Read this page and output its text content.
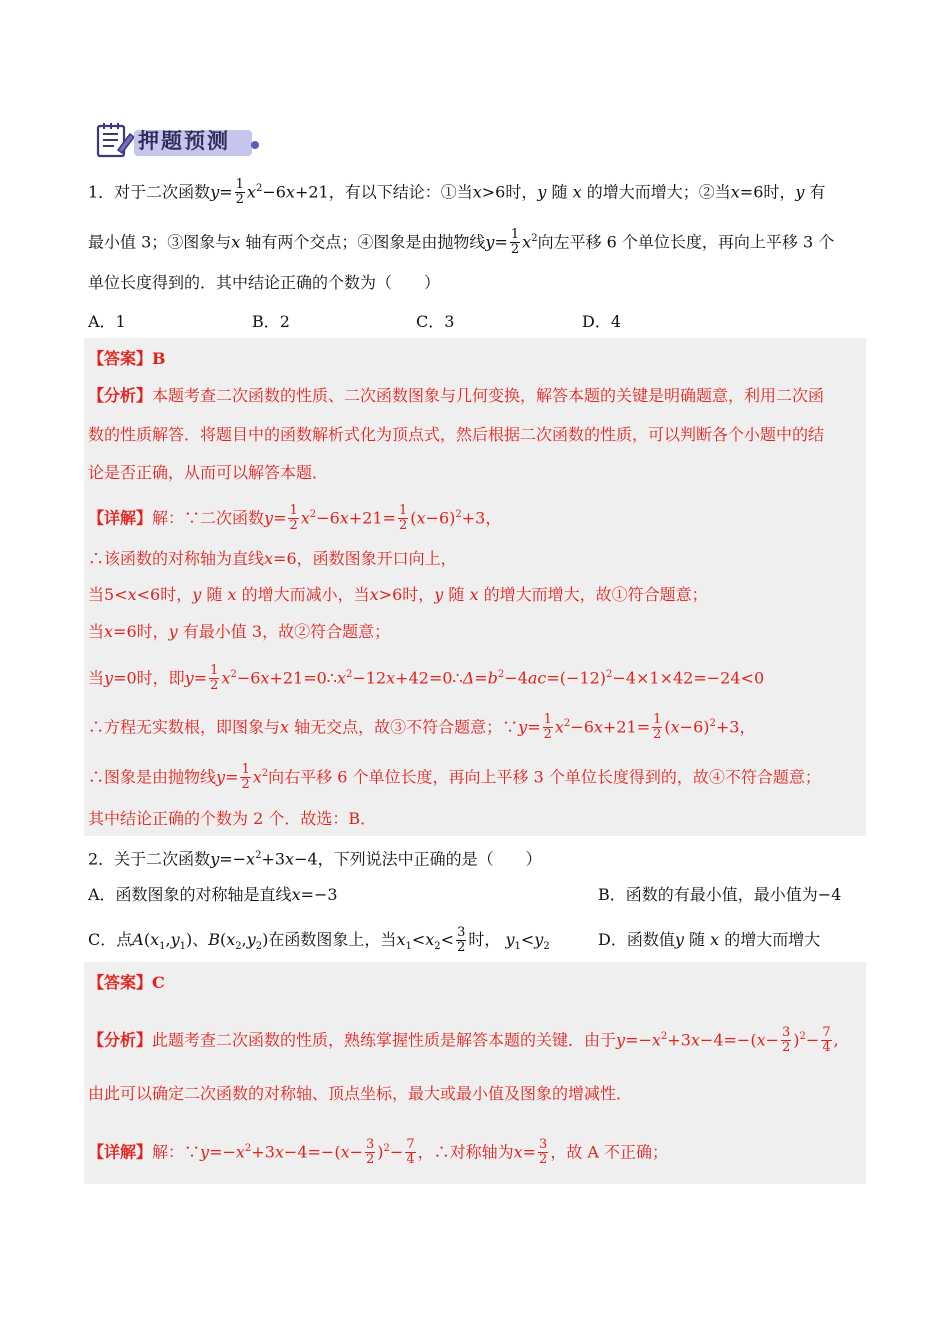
押题预测
1．对于二次函数$y= \frac{1}{2} x^2-6x+21$，有以下结论：①当x>6时，y 随 x 的增大而增大；②当x=6时，y 有
最小值 3；③图象与x 轴有两个交点；④图象是由抛物线$y= \frac{1}{2} x^2$向左平移 6 个单位长度，再向上平移 3 个
单位长度得到的．其中结论正确的个数为（　　）
A．1	B．2	C．3	D．4
【答案】B
【分析】本题考查二次函数的性质、二次函数图象与几何变换，解答本题的关键是明确题意，利用二次函
数的性质解答．将题目中的函数解析式化为顶点式，然后根据二次函数的性质，可以判断各个小题中的结
论是否正确，从而可以解答本题．
【详解】解：∵二次函数$y= \frac{1}{2} x^2-6x+21= \frac{1}{2} (x-6)^2+3$，
∴该函数的对称轴为直线x=6，函数图象开口向上，
当5<x<6时，y 随 x 的增大而减小，当x>6时，y 随 x 的增大而增大，故①符合题意；
当x=6时，y 有最小值 3，故②符合题意；
当y=0时，即$y= \frac{1}{2}$ $x^2-6x+21=0\therefore x^2-12x+42=0\therefore\Delta=b^2-4ac=(-12)^2-4\times 1\times 42=-24<0$
∴方程无实数根，即图象与x 轴无交点，故③不符合题意；∵y= $\frac{1}{2} x^2-6x+21= \frac{1}{2} (x-6)^2+3$，
∴图象是由抛物线$y= \frac{1}{2} x^2$向右平移 6 个单位长度，再向上平移 3 个单位长度得到的，故④不符合题意；
其中结论正确的个数为 2 个．故选：B．
2．关于二次函数$y=-x^2+3x-4$，下列说法中正确的是（　　）
A．函数图象的对称轴是直线x=−3	B．函数的有最小值，最小值为−4
C．点$A(x_1,y_1)$、$B(x_2,y_2)$在函数图象上，当$x_1<x_2< \frac{3}{2}$ 时， $y_1<y_2$	D．函数值y 随 x 的增大而增大
【答案】C
【分析】此题考查二次函数的性质，熟练掌握性质是解答本题的关键．由于$y=-x^2+3x-4=-(x- \frac{3}{2} )^2- \frac{7}{4}$ ,
由此可以确定二次函数的对称轴、顶点坐标，最大或最小值及图象的增减性．
【详解】解：$\because y=-x^2+3x-4=-(x- \frac{3}{2} )^2- \frac{7}{4}$ ，∴对称轴为$x= \frac{3}{2}$ ，故 A 不正确；
